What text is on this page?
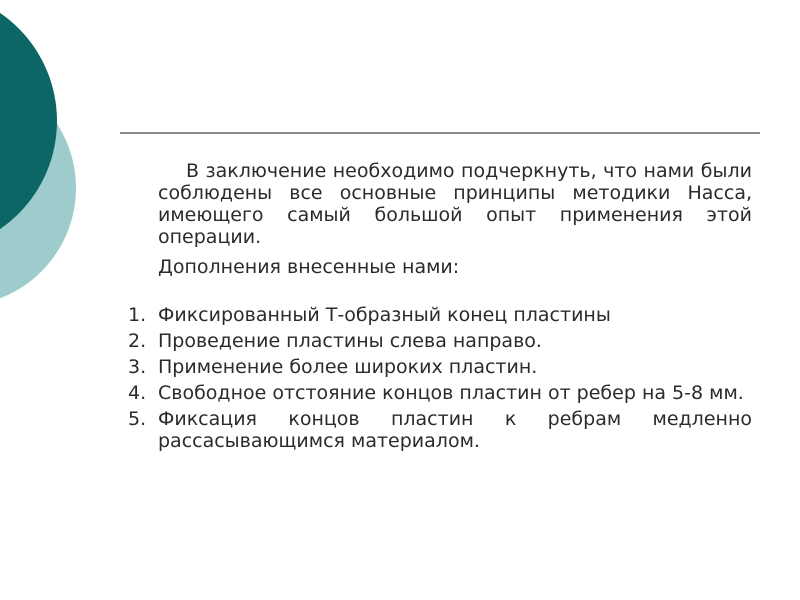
В заключение необходимо подчеркнуть, что нами были соблюдены все основные принципы методики Насса, имеющего самый большой опыт применения этой операции.

Дополнения внесенные нами:

1. Фиксированный Т-образный конец пластины
2. Проведение пластины слева направо.
3. Применение более широких пластин.
4. Свободное отстояние концов пластин от ребер на 5-8 мм.
5. Фиксация концов пластин к ребрам медленно рассасывающимся материалом.
